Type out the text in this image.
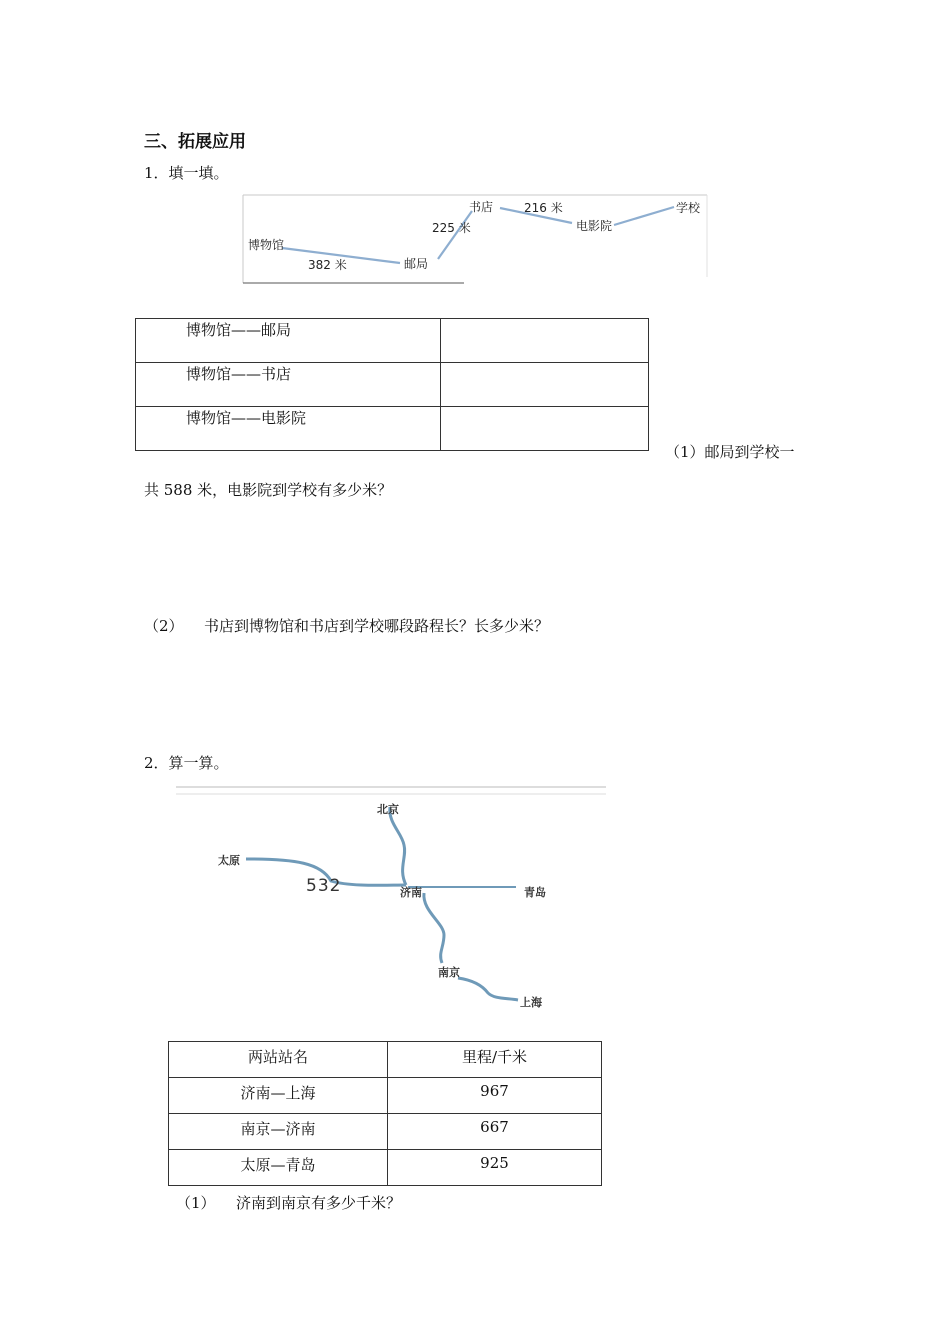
三、拓展应用
1．填一填。
博物馆
382 米	邮局
225 米
书店	216 米
电影院
学校
博物馆——邮局	
博物馆——书店	
博物馆——电影院	
（1）邮局到学校一
共 588 米，电影院到学校有多少米？
（2） 书店到博物馆和书店到学校哪段路程长？长多少米？
2．算一算。
北京
太原
532	济南	青岛
南京
上海
两站站名	里程/千米
济南—上海	967
南京—济南	667
太原—青岛	925
（1） 济南到南京有多少千米？
